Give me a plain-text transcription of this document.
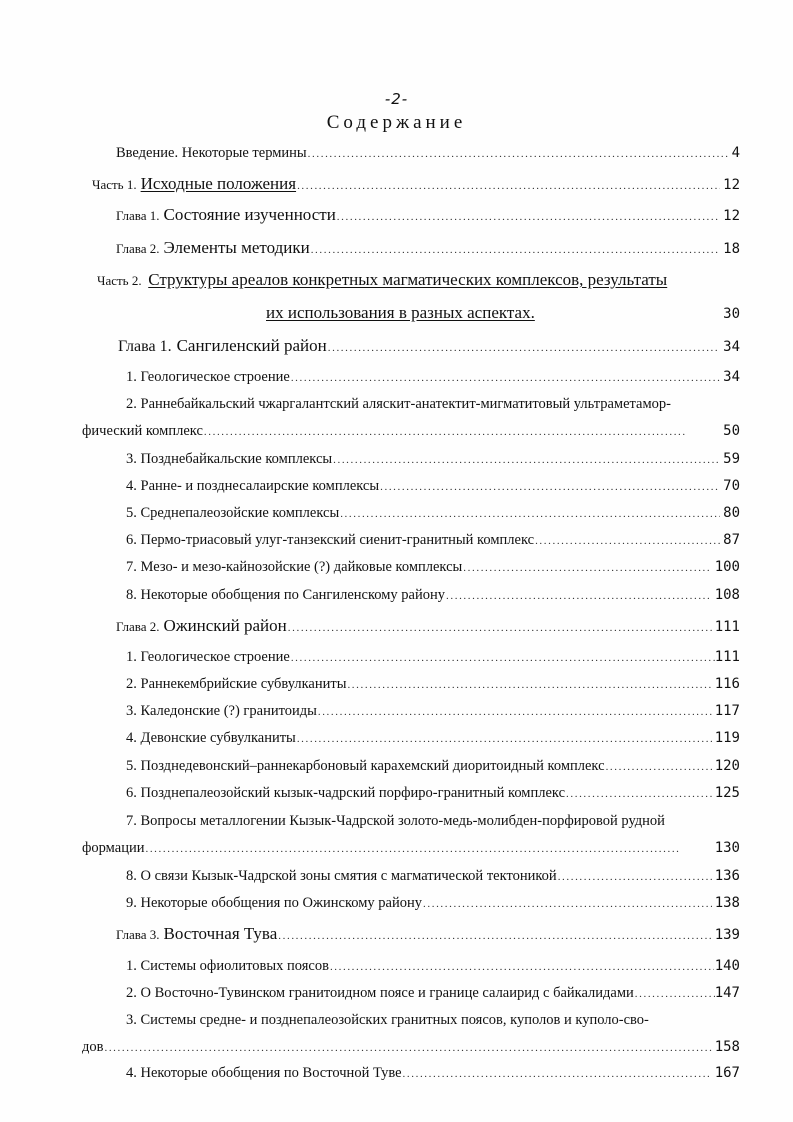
-2-
Содержание
Введение. Некоторые термины .....	4
Часть 1. Исходные положения .....	12
Глава 1. Состояние изученности .....	12
Глава 2. Элементы методики .....	18
Часть 2. Структуры ареалов конкретных магматических комплексов, результаты
их использования в разных аспектах.	30
Глава 1. Сангиленский район .....	34
1. Геологическое строение .....	34
2. Раннебайкальский чжаргалантский аляскит-анатектит-мигматитовый ультраметамор-
фический комплекс .....	50
3. Позднебайкальские комплексы .....	59
4. Ранне- и позднесалаирские комплексы .....	70
5. Среднепалеозойские комплексы .....	80
6. Пермо-триасовый улуг-танзекский сиенит-гранитный комплекс .....	87
7. Мезо- и мезо-кайнозойские (?) дайковые комплексы .....	100
8. Некоторые обобщения по Сангиленскому району .....	108
Глава 2. Ожинский район .....	111
1. Геологическое строение .....	111
2. Раннекембрийские субвулканиты .....	116
3. Каледонские (?) гранитоиды .....	117
4. Девонские субвулканиты .....	119
5. Позднедевонский–раннекарбоновый карахемский диоритоидный комплекс .....	120
6. Позднепалеозойский кызык-чадрский порфиро-гранитный комплекс .....	125
7. Вопросы металлогении Кызык-Чадрской золото-медь-молибден-порфировой рудной
формации .....	130
8. О связи Кызык-Чадрской зоны смятия с магматической тектоникой .....	136
9. Некоторые обобщения по Ожинскому району .....	138
Глава 3. Восточная Тува .....	139
1. Системы офиолитовых поясов .....	140
2. О Восточно-Тувинском гранитоидном поясе и границе салаирид с байкалидами .....	147
3. Системы средне- и позднепалеозойских гранитных поясов, куполов и куполо-сво-
дов .....	158
4. Некоторые обобщения по Восточной Туве .....	167
